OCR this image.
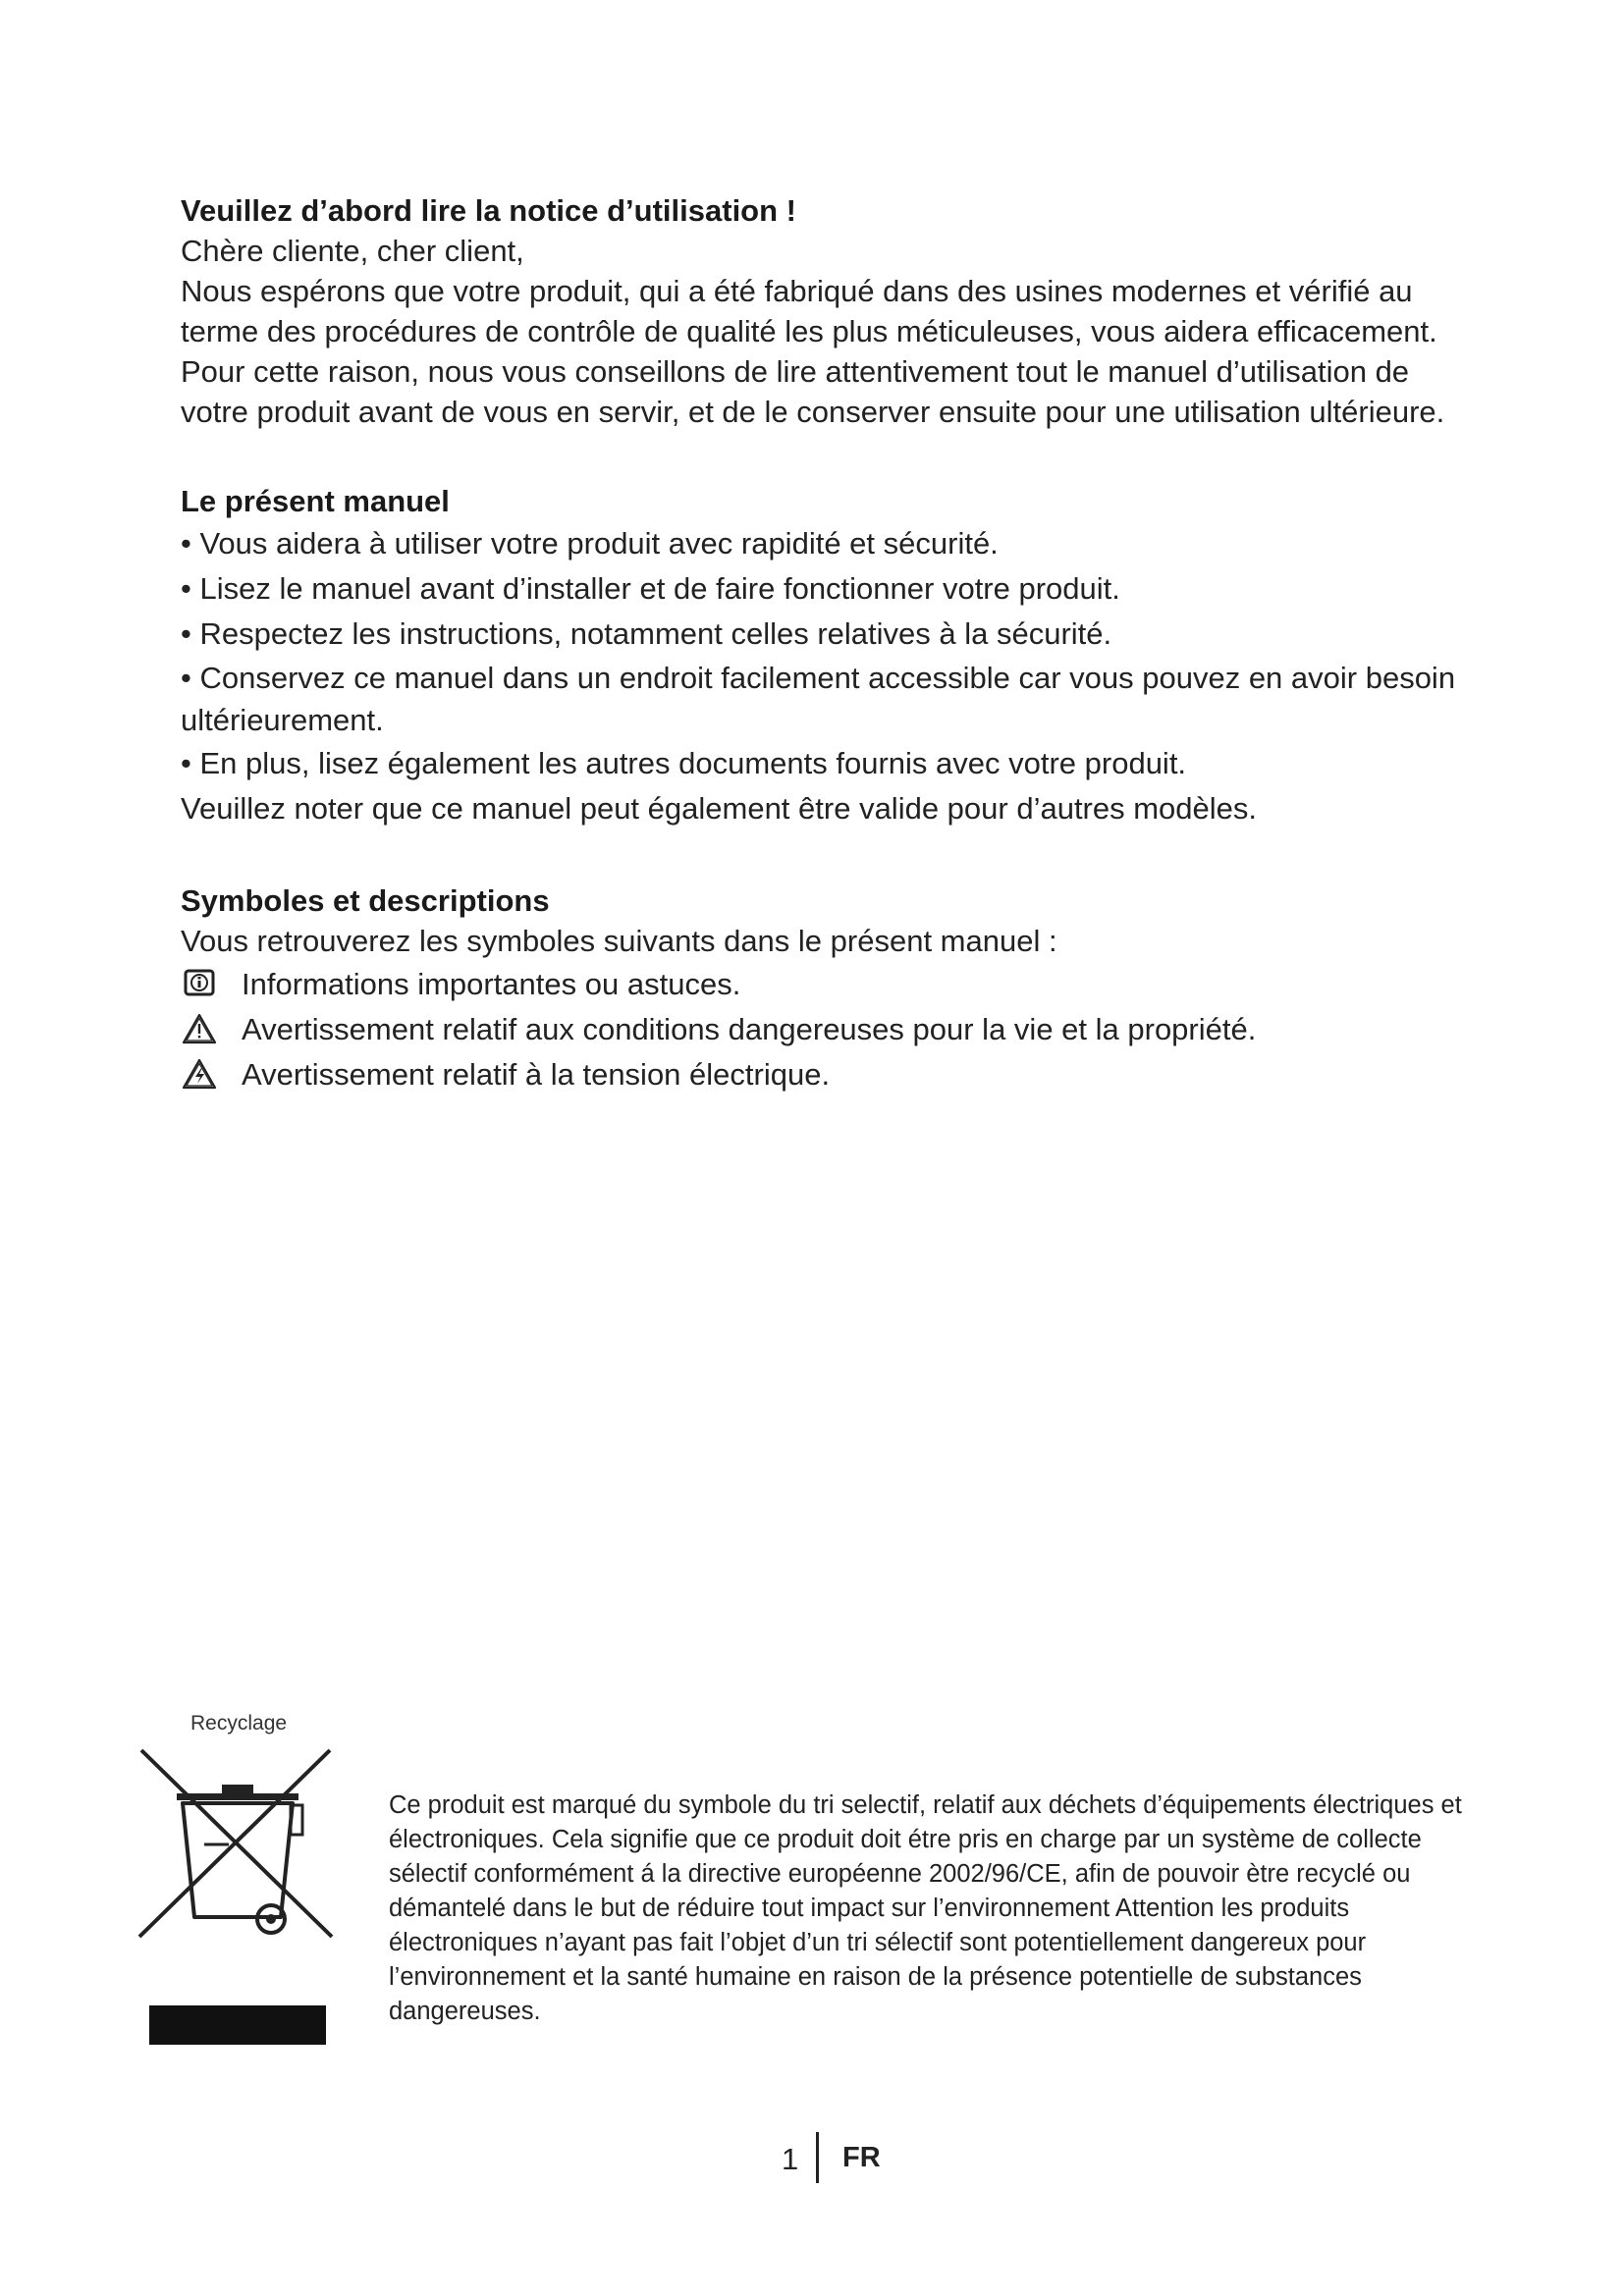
Veuillez d’abord lire la notice d’utilisation !

Chère cliente, cher client,

Nous espérons que votre produit, qui a été fabriqué dans des usines modernes et vérifié au terme des procédures de contrôle de qualité les plus méticuleuses, vous aidera efficacement.

Pour cette raison, nous vous conseillons de lire attentivement tout le manuel d’utilisation de votre produit avant de vous en servir, et de le conserver ensuite pour une utilisation ultérieure.

Le présent manuel

• Vous aidera à utiliser votre produit avec rapidité et sécurité.

• Lisez le manuel avant d’installer et de faire fonctionner votre produit.

• Respectez les instructions, notamment celles relatives à la sécurité.

• Conservez ce manuel dans un endroit facilement accessible car vous pouvez en avoir besoin ultérieurement.

• En plus, lisez également les autres documents fournis avec votre produit.

Veuillez noter que ce manuel peut également être valide pour d’autres modèles.

Symboles et descriptions

Vous retrouverez les symboles suivants dans le présent manuel :

Informations importantes ou astuces.
Avertissement relatif aux conditions dangereuses pour la vie et la propriété.
Avertissement relatif à la tension électrique.
Recyclage

Ce produit est marqué du symbole du tri selectif, relatif aux déchets d’équipements électriques et électroniques. Cela signifie que ce produit doit étre pris en charge par un système de collecte sélectif conformément á la directive européenne 2002/96/CE, afin de pouvoir ètre recyclé ou démantelé dans le but de réduire tout impact sur l’environnement Attention les produits électroniques n’ayant pas fait l’objet d’un tri sélectif sont potentiellement dangereux pour l’environnement et la santé humaine en raison de la présence potentielle de substances dangereuses.

1 FR
